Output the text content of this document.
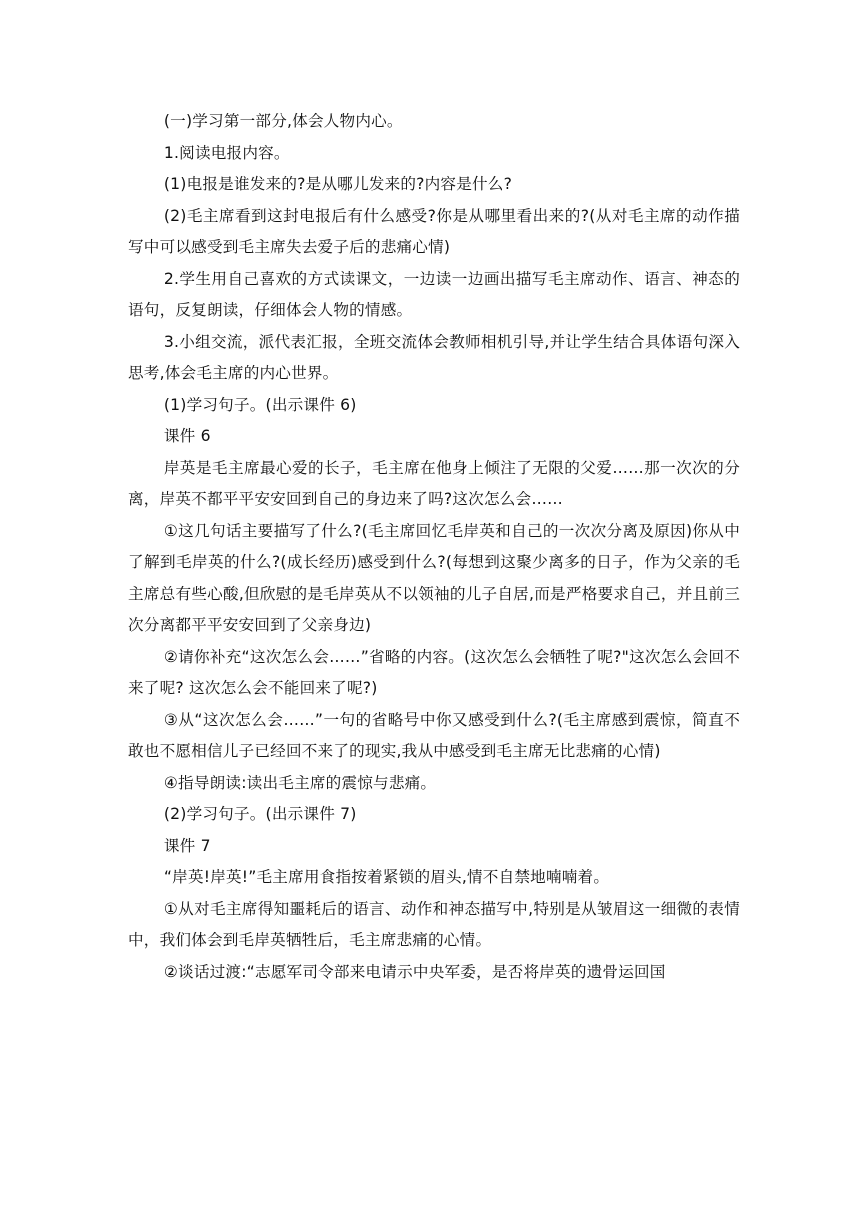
(一)学习第一部分,体会人物内心。

1.阅读电报内容。

(1)电报是谁发来的?是从哪儿发来的?内容是什么?

(2)毛主席看到这封电报后有什么感受?你是从哪里看出来的?(从对毛主席的动作描写中可以感受到毛主席失去爱子后的悲痛心情)

2.学生用自己喜欢的方式读课文，一边读一边画出描写毛主席动作、语言、神态的语句，反复朗读，仔细体会人物的情感。

3.小组交流，派代表汇报，全班交流体会教师相机引导,并让学生结合具体语句深入思考,体会毛主席的内心世界。

(1)学习句子。(出示课件 6)

课件 6

岸英是毛主席最心爱的长子，毛主席在他身上倾注了无限的父爱……那一次次的分离，岸英不都平平安安回到自己的身边来了吗?这次怎么会……

①这几句话主要描写了什么?(毛主席回忆毛岸英和自己的一次次分离及原因)你从中了解到毛岸英的什么?(成长经历)感受到什么?(每想到这聚少离多的日子，作为父亲的毛主席总有些心酸,但欣慰的是毛岸英从不以领袖的儿子自居,而是严格要求自己，并且前三次分离都平平安安回到了父亲身边)

②请你补充“这次怎么会……”省略的内容。(这次怎么会牺牲了呢?"这次怎么会回不来了呢? 这次怎么会不能回来了呢?)

③从“这次怎么会……”一句的省略号中你又感受到什么?(毛主席感到震惊，简直不敢也不愿相信儿子已经回不来了的现实,我从中感受到毛主席无比悲痛的心情)

④指导朗读:读出毛主席的震惊与悲痛。

(2)学习句子。(出示课件 7)

课件 7

“岸英!岸英!”毛主席用食指按着紧锁的眉头,情不自禁地喃喃着。

①从对毛主席得知噩耗后的语言、动作和神态描写中,特别是从皱眉这一细微的表情中，我们体会到毛岸英牺牲后，毛主席悲痛的心情。

②谈话过渡:“志愿军司令部来电请示中央军委，是否将岸英的遗骨运回国
